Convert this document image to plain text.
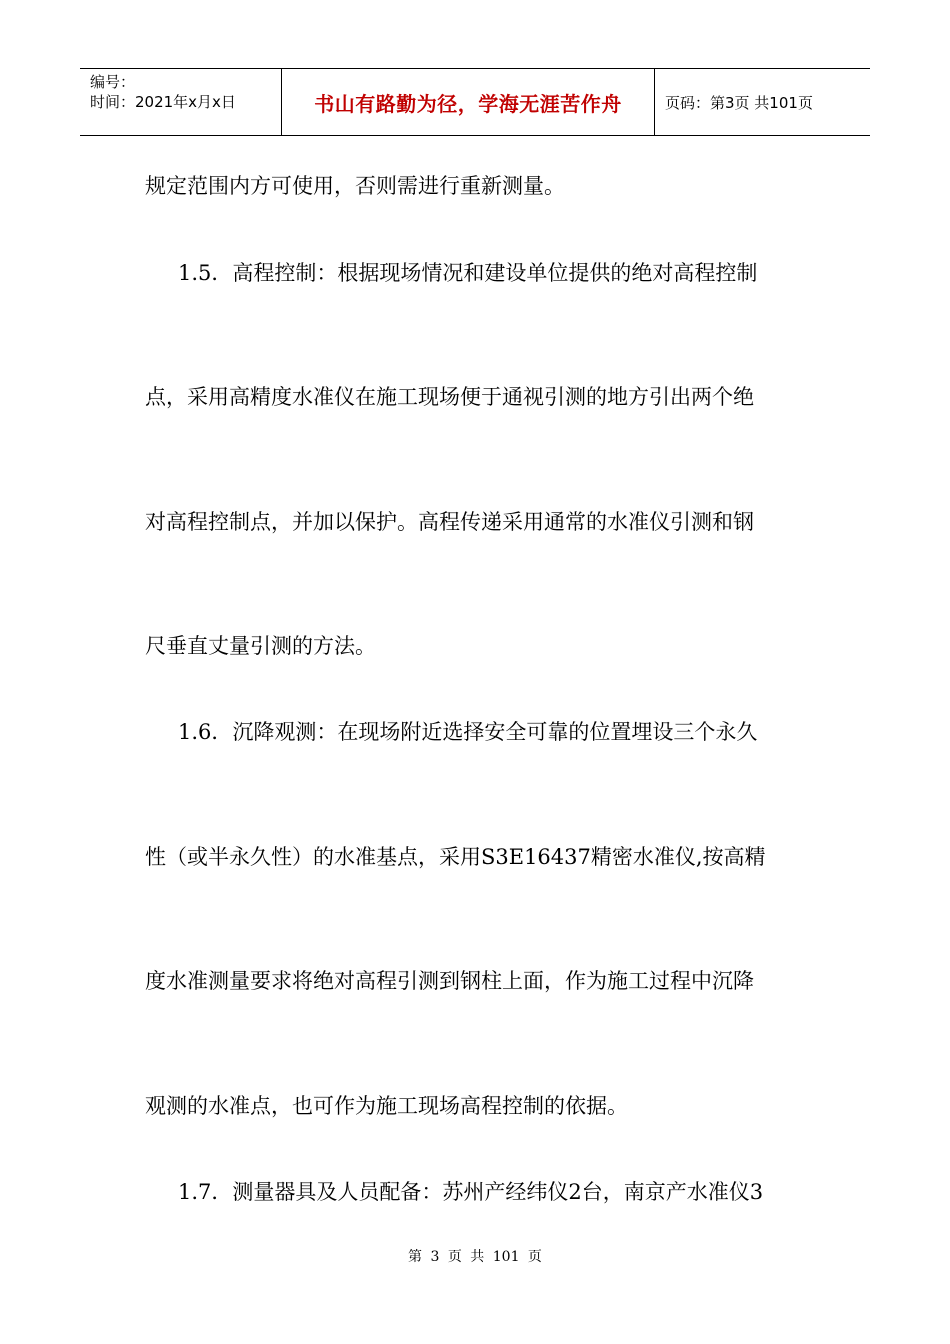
编号：
时间：2021年x月x日	书山有路勤为径，学海无涯苦作舟	页码：第3页 共101页
规定范围内方可使用，否则需进行重新测量。
1.5．高程控制：根据现场情况和建设单位提供的绝对高程控制
点，采用高精度水准仪在施工现场便于通视引测的地方引出两个绝
对高程控制点，并加以保护。高程传递采用通常的水准仪引测和钢
尺垂直丈量引测的方法。
1.6．沉降观测：在现场附近选择安全可靠的位置埋设三个永久
性（或半永久性）的水准基点，采用S3E16437精密水准仪,按高精
度水准测量要求将绝对高程引测到钢柱上面，作为施工过程中沉降
观测的水准点，也可作为施工现场高程控制的依据。
1.7．测量器具及人员配备：苏州产经纬仪2台，南京产水准仪3
第 3 页 共 101 页
